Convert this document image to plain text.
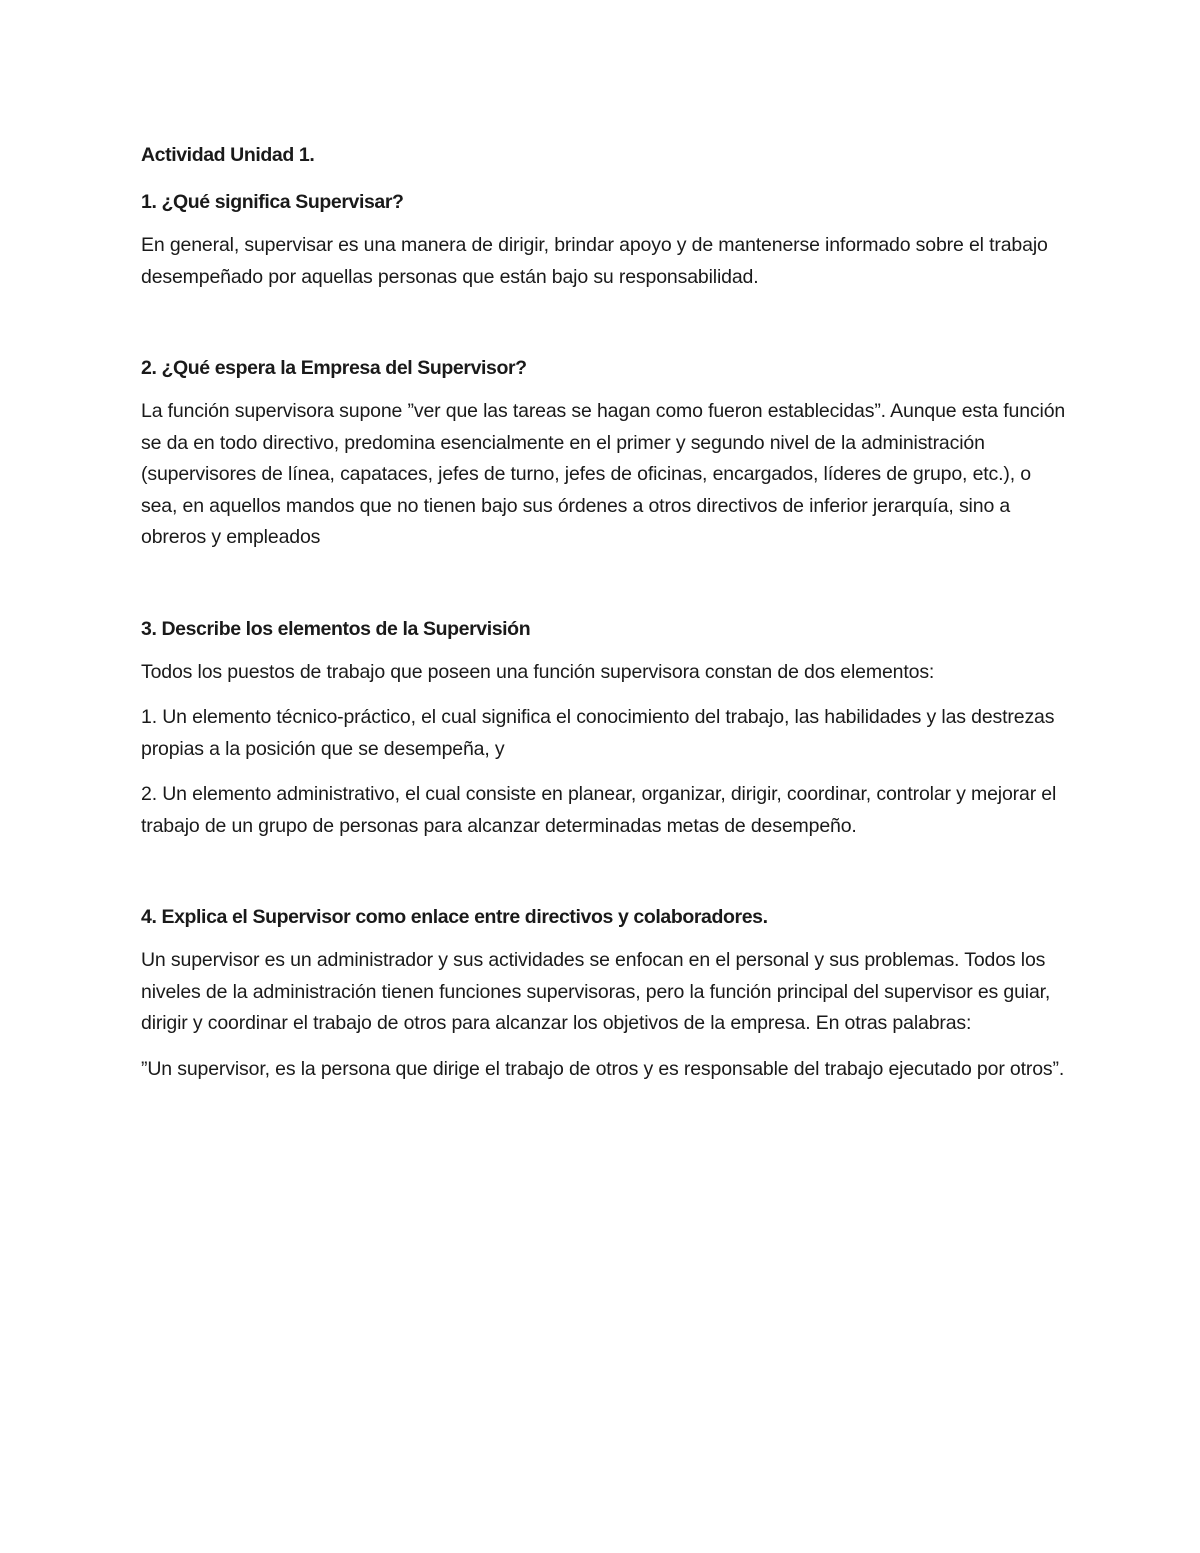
Actividad Unidad 1.
1. ¿Qué significa Supervisar?
En general, supervisar es una manera de dirigir, brindar apoyo y de mantenerse informado sobre el trabajo desempeñado por aquellas personas que están bajo su responsabilidad.
2. ¿Qué espera la Empresa del Supervisor?
La función supervisora supone ”ver que las tareas se hagan como fueron establecidas”. Aunque esta función se da en todo directivo, predomina esencialmente en el primer y segundo nivel de la administración (supervisores de línea, capataces, jefes de turno, jefes de oficinas, encargados, líderes de grupo, etc.), o sea, en aquellos mandos que no tienen bajo sus órdenes a otros directivos de inferior jerarquía, sino a obreros y empleados
3. Describe los elementos de la Supervisión
Todos los puestos de trabajo que poseen una función supervisora constan de dos elementos:
1. Un elemento técnico-práctico, el cual significa el conocimiento del trabajo, las habilidades y las destrezas propias a la posición que se desempeña, y
2. Un elemento administrativo, el cual consiste en planear, organizar, dirigir, coordinar, controlar y mejorar el trabajo de un grupo de personas para alcanzar determinadas metas de desempeño.
4. Explica el Supervisor como enlace entre directivos y colaboradores.
Un supervisor es un administrador y sus actividades se enfocan en el personal y sus problemas. Todos los niveles de la administración tienen funciones supervisoras, pero la función principal del supervisor es guiar, dirigir y coordinar el trabajo de otros para alcanzar los objetivos de la empresa. En otras palabras:
”Un supervisor, es la persona que dirige el trabajo de otros y es responsable del trabajo ejecutado por otros”.
